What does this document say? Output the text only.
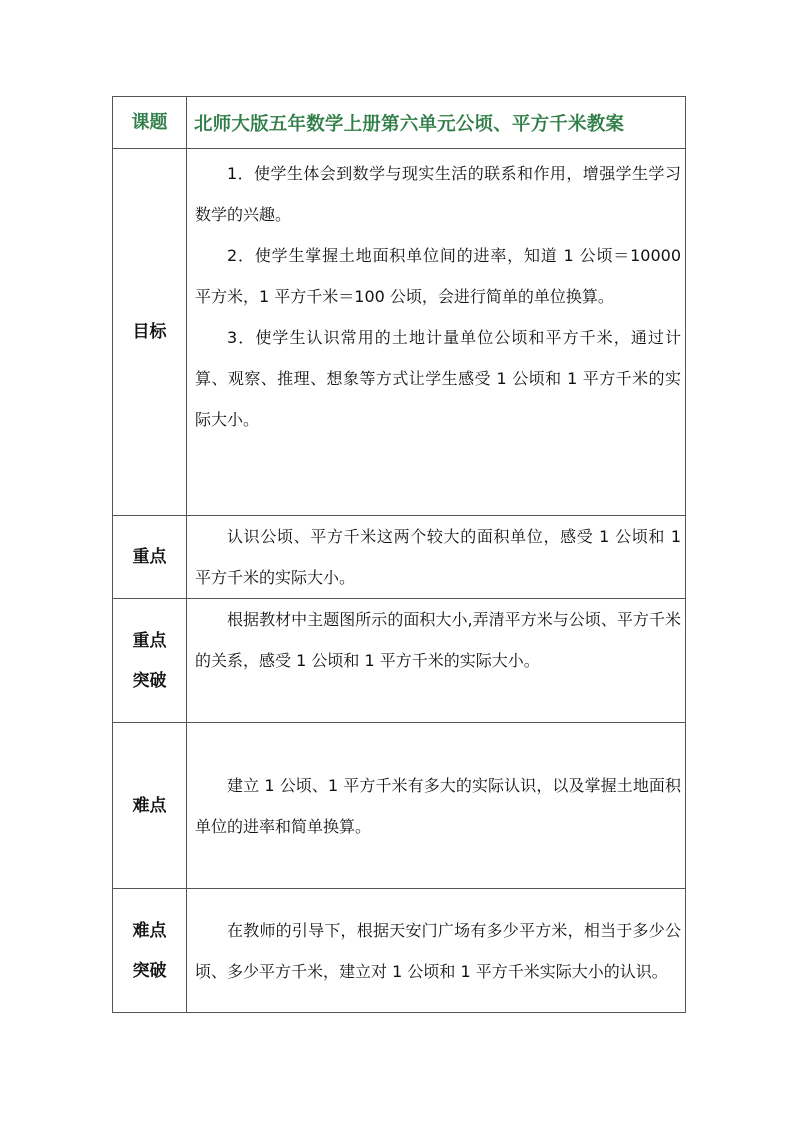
课题	北师大版五年数学上册第六单元公顷、平方千米教案
目标	1．使学生体会到数学与现实生活的联系和作用，增强学生学习数学的兴趣。

2．使学生掌握土地面积单位间的进率，知道 1 公顷＝10000 平方米，1 平方千米＝100 公顷，会进行简单的单位换算。

3．使学生认识常用的土地计量单位公顷和平方千米，通过计算、观察、推理、想象等方式让学生感受 1 公顷和 1 平方千米的实际大小。

重点	认识公顷、平方千米这两个较大的面积单位，感受 1 公顷和 1 平方千米的实际大小。

重点
突破	根据教材中主题图所示的面积大小,弄清平方米与公顷、平方千米的关系，感受 1 公顷和 1 平方千米的实际大小。

难点	建立 1 公顷、1 平方千米有多大的实际认识，以及掌握土地面积单位的进率和简单换算。

难点
突破	在教师的引导下，根据天安门广场有多少平方米，相当于多少公顷、多少平方千米，建立对 1 公顷和 1 平方千米实际大小的认识。
